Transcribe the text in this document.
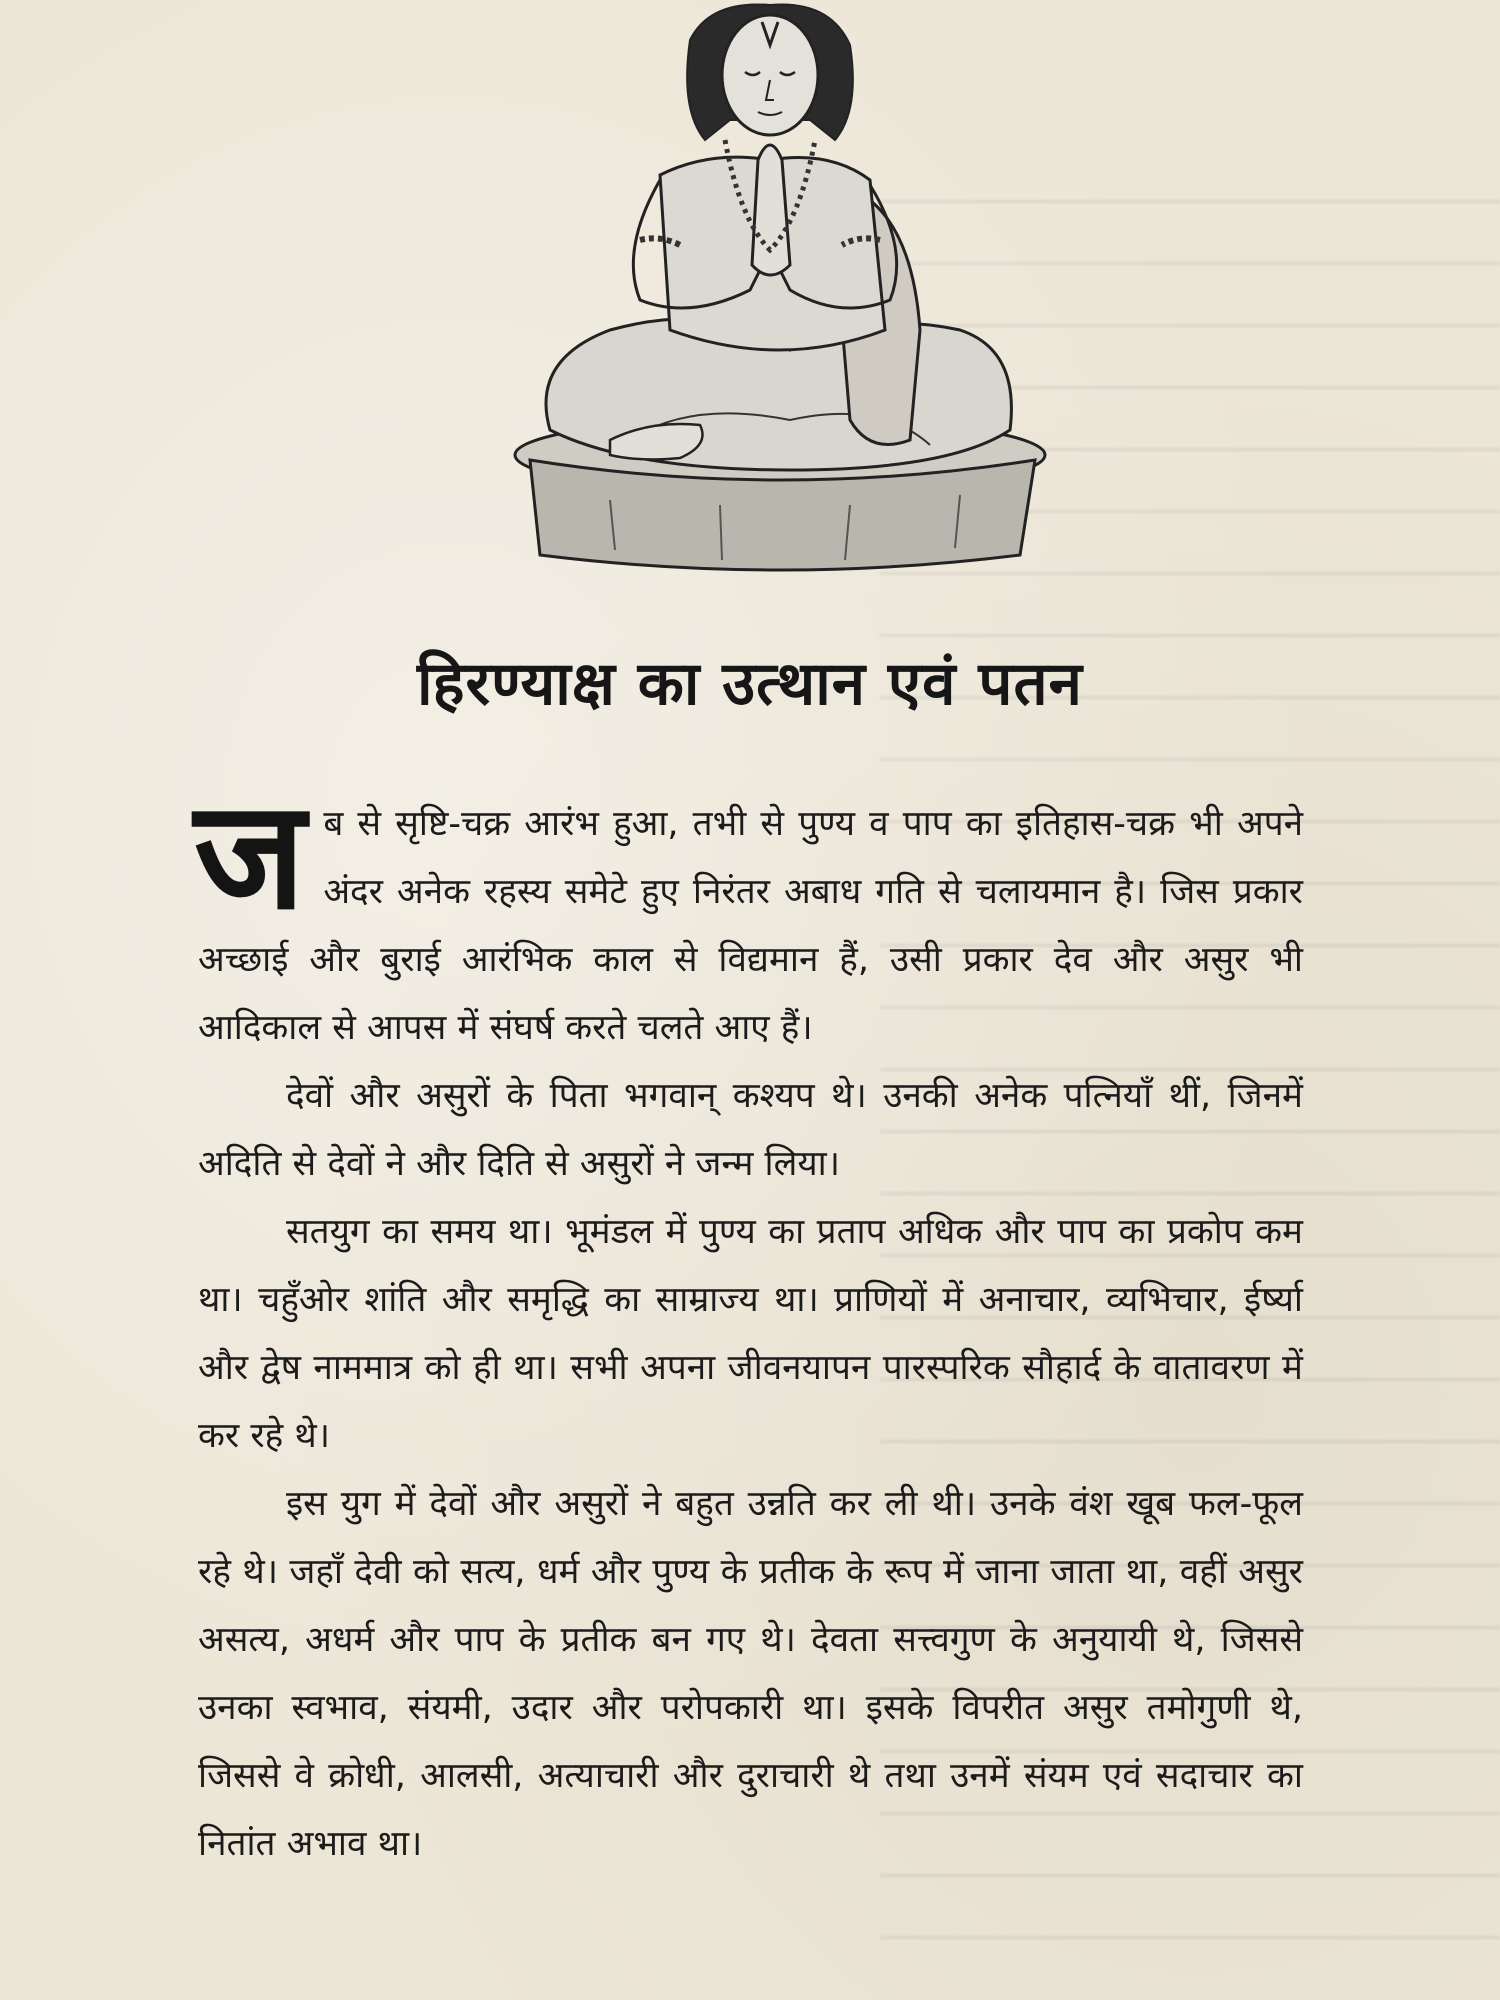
हिरण्याक्ष का उत्थान एवं पतन

जब से सृष्टि-चक्र आरंभ हुआ, तभी से पुण्य व पाप का इतिहास-चक्र भी अपने अंदर अनेक रहस्य समेटे हुए निरंतर अबाध गति से चलायमान है। जिस प्रकार अच्छाई और बुराई आरंभिक काल से विद्यमान हैं, उसी प्रकार देव और असुर भी आदिकाल से आपस में संघर्ष करते चलते आए हैं।

देवों और असुरों के पिता भगवान् कश्यप थे। उनकी अनेक पत्नियाँ थीं, जिनमें अदिति से देवों ने और दिति से असुरों ने जन्म लिया।

सतयुग का समय था। भूमंडल में पुण्य का प्रताप अधिक और पाप का प्रकोप कम था। चहुँओर शांति और समृद्धि का साम्राज्य था। प्राणियों में अनाचार, व्यभिचार, ईर्ष्या और द्वेष नाममात्र को ही था। सभी अपना जीवनयापन पारस्परिक सौहार्द के वातावरण में कर रहे थे।

इस युग में देवों और असुरों ने बहुत उन्नति कर ली थी। उनके वंश खूब फल-फूल रहे थे। जहाँ देवी को सत्य, धर्म और पुण्य के प्रतीक के रूप में जाना जाता था, वहीं असुर असत्य, अधर्म और पाप के प्रतीक बन गए थे। देवता सत्त्वगुण के अनुयायी थे, जिससे उनका स्वभाव, संयमी, उदार और परोपकारी था। इसके विपरीत असुर तमोगुणी थे, जिससे वे क्रोधी, आलसी, अत्याचारी और दुराचारी थे तथा उनमें संयम एवं सदाचार का नितांत अभाव था।
